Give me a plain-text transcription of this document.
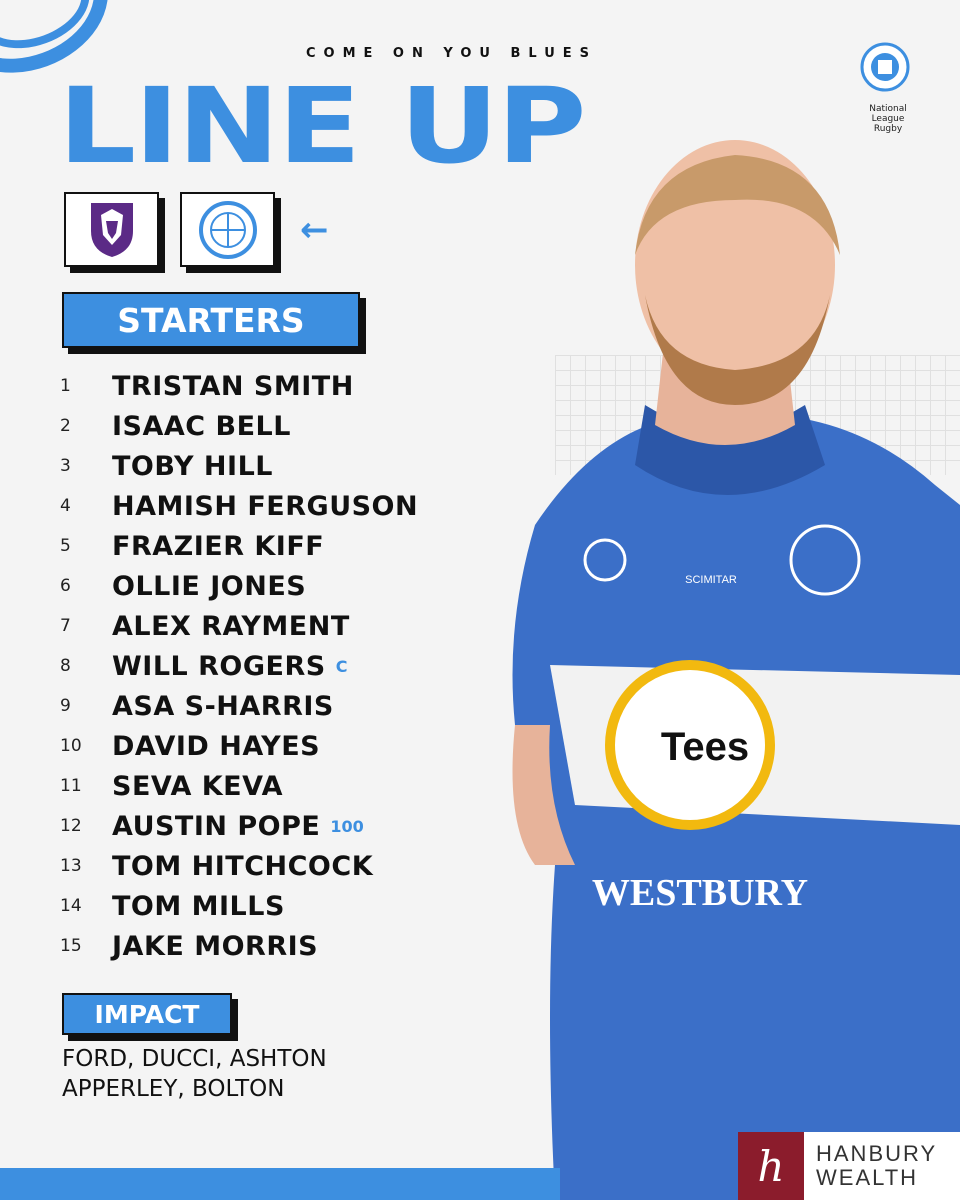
COME ON YOU BLUES
LINE UP	National League Rugby
←
STARTERS
1	TRISTAN SMITH
2	ISAAC BELL
3	TOBY HILL
4	HAMISH FERGUSON
5	FRAZIER KIFF
6	OLLIE JONES
7	ALEX RAYMENT
8	WILL ROGERS C
9	ASA S-HARRIS
10	DAVID HAYES
11	SEVA KEVA
12	AUSTIN POPE 100
13	TOM HITCHCOCK
14	TOM MILLS
15	JAKE MORRIS
IMPACT
FORD, DUCCI, ASHTON
APPERLEY, BOLTON
Tees
WESTBURY
SCIMITAR
h	HANBURY
WEALTH
